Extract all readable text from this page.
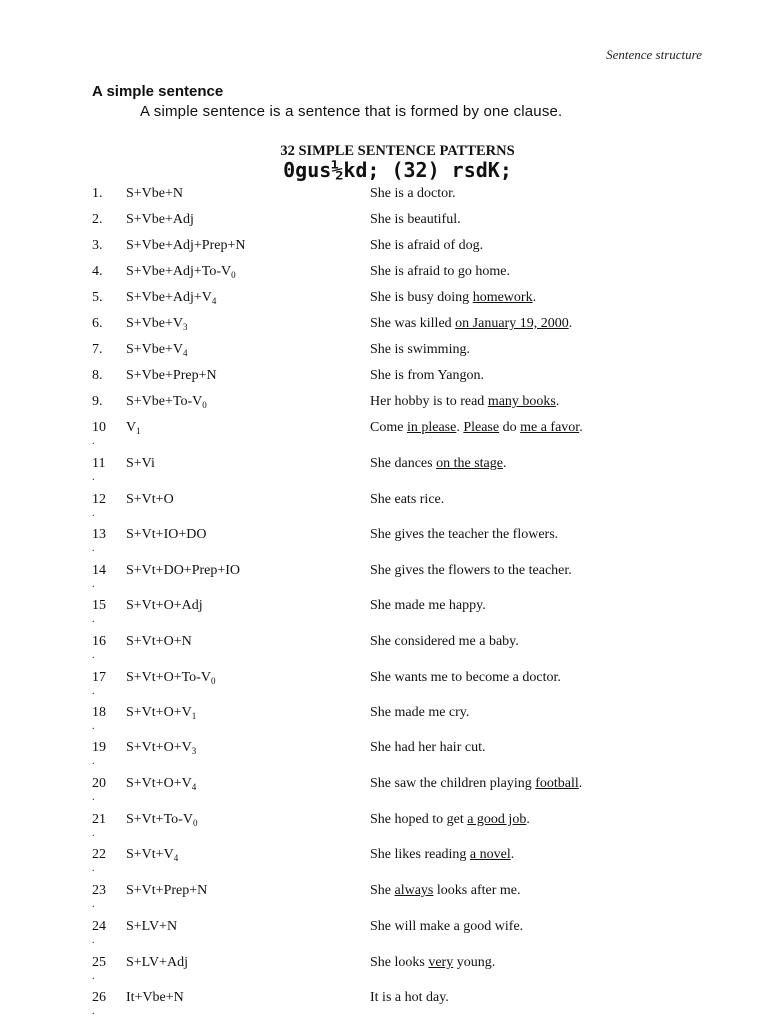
Sentence structure
A simple sentence
A simple sentence is a sentence that is formed by one clause.
32 SIMPLE SENTENCE PATTERNS
0gus½kd; (32) rsdK;
1. S+Vbe+N	She is a doctor.
2. S+Vbe+Adj	She is beautiful.
3. S+Vbe+Adj+Prep+N	She is afraid of dog.
4. $S+Vbe+Adj+To-V_0$	She is afraid to go home.
5. $S+Vbe+Adj+V_4$	She is busy doing homework.
6. $S+Vbe+V_3$	She was killed on January 19, 2000.
7. $S+Vbe+V_4$	She is swimming.
8. S+Vbe+Prep+N	She is from Yangon.
9. $S+Vbe+To-V_0$	Her hobby is to read many books.
10
.
$V_1$	Come in please. Please do me a favor.
11
.
S+Vi	She dances on the stage.
12
.
S+Vt+O	She eats rice.
13
.
S+Vt+IO+DO	She gives the teacher the flowers.
14
.
S+Vt+DO+Prep+IO	She gives the flowers to the teacher.
15
.
S+Vt+O+Adj	She made me happy.
16
.
S+Vt+O+N	She considered me a baby.
17
.
$S+Vt+O+To-V_0$	She wants me to become a doctor.
18
.
$S+Vt+O+V_1$	She made me cry.
19
.
$S+Vt+O+V_3$	She had her hair cut.
20
.
$S+Vt+O+V_4$	She saw the children playing football.
21
.
$S+Vt+To-V_0$	She hoped to get a good job.
22
.
$S+Vt+V_4$	She likes reading a novel.
23
.
S+Vt+Prep+N	She always looks after me.
24
.
S+LV+N	She will make a good wife.
25
.
S+LV+Adj	She looks very young.
26
.
It+Vbe+N	It is a hot day.
